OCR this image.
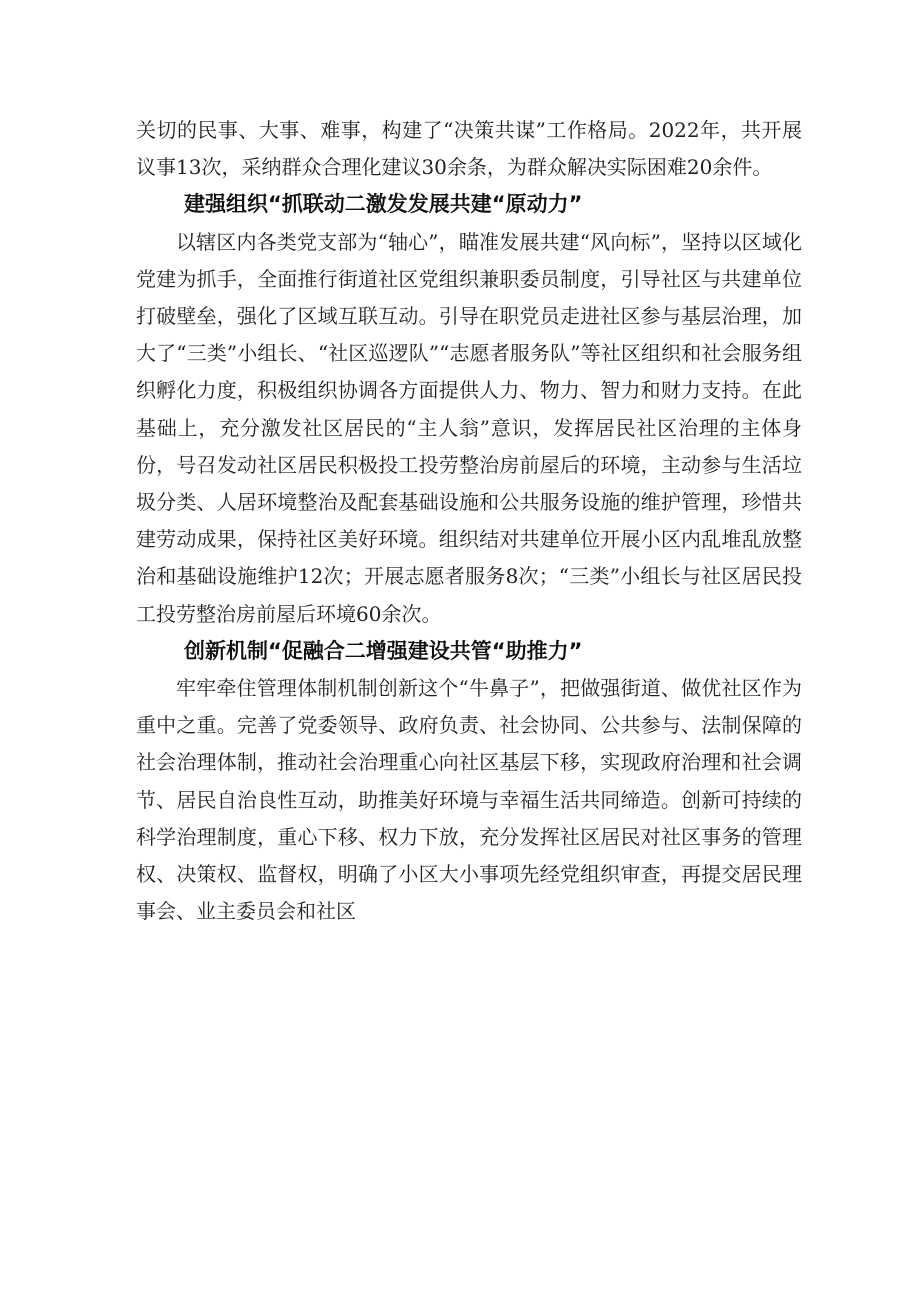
关切的民事、大事、难事，构建了“决策共谋”工作格局。2022年，共开展议事13次，采纳群众合理化建议30余条，为群众解决实际困难20余件。

建强组织“抓联动二激发发展共建“原动力”

以辖区内各类党支部为“轴心”，瞄准发展共建“风向标”，坚持以区域化党建为抓手，全面推行街道社区党组织兼职委员制度，引导社区与共建单位打破壁垒，强化了区域互联互动。引导在职党员走进社区参与基层治理，加大了“三类”小组长、“社区巡逻队”“志愿者服务队”等社区组织和社会服务组织孵化力度，积极组织协调各方面提供人力、物力、智力和财力支持。在此基础上，充分激发社区居民的“主人翁”意识，发挥居民社区治理的主体身份，号召发动社区居民积极投工投劳整治房前屋后的环境，主动参与生活垃圾分类、人居环境整治及配套基础设施和公共服务设施的维护管理，珍惜共建劳动成果，保持社区美好环境。组织结对共建单位开展小区内乱堆乱放整治和基础设施维护12次；开展志愿者服务8次；“三类”小组长与社区居民投工投劳整治房前屋后环境60余次。

创新机制“促融合二增强建设共管“助推力”

牢牢牵住管理体制机制创新这个“牛鼻子”，把做强街道、做优社区作为重中之重。完善了党委领导、政府负责、社会协同、公共参与、法制保障的社会治理体制，推动社会治理重心向社区基层下移，实现政府治理和社会调节、居民自治良性互动，助推美好环境与幸福生活共同缔造。创新可持续的科学治理制度，重心下移、权力下放，充分发挥社区居民对社区事务的管理权、决策权、监督权，明确了小区大小事项先经党组织审查，再提交居民理事会、业主委员会和社区
